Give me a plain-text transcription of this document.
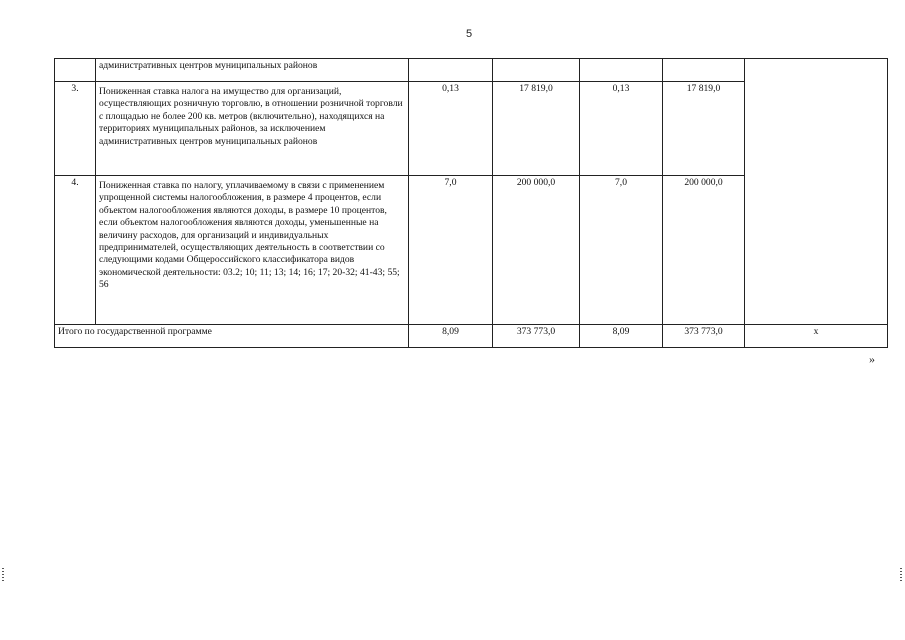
5
	административных центров муниципальных районов					
3.	Пониженная ставка налога на имущество для организаций, осуществляющих розничную торговлю, в отношении розничной торговли с площадью не более 200 кв. метров (включительно), находящихся на территориях муниципальных районов, за исключением административных центров муниципальных районов	0,13	17 819,0	0,13	17 819,0	
4.	Пониженная ставка по налогу, уплачиваемому в связи с применением упрощенной системы налогообложения, в размере 4 процентов, если объектом налогообложения являются доходы, в размере 10 процентов, если объектом налогообложения являются доходы, уменьшенные на величину расходов, для организаций и индивидуальных предпринимателей, осуществляющих деятельность в соответствии со следующими кодами Общероссийского классификатора видов экономической деятельности: 03.2; 10; 11; 13; 14; 16; 17; 20-32; 41-43; 55; 56	7,0	200 000,0	7,0	200 000,0	
Итого по государственной программе		8,09	373 773,0	8,09	373 773,0	х
»
